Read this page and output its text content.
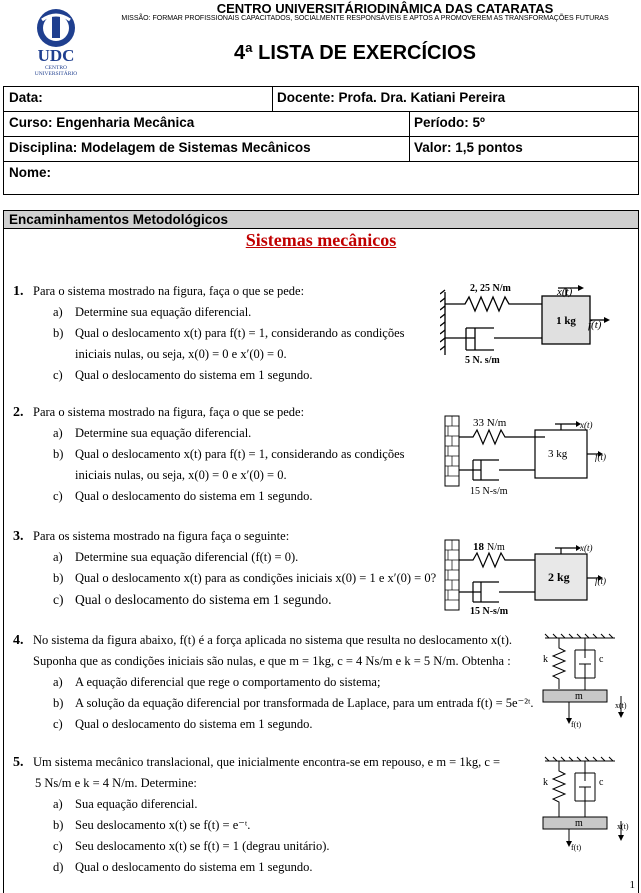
UDC
CENTRO
UNIVERSITÁRIO
CENTRO UNIVERSITÁRIODINÂMICA DAS CATARATAS
MISSÃO: FORMAR PROFISSIONAIS CAPACITADOS, SOCIALMENTE RESPONSÁVEIS E APTOS A PROMOVEREM AS TRANSFORMAÇÕES FUTURAS
4ª LISTA DE EXERCÍCIOS
Data:	Docente: Profa. Dra. Katiani Pereira
Curso: Engenharia Mecânica	Período: 5º
Disciplina: Modelagem de Sistemas Mecânicos	Valor: 1,5 pontos
Nome:
Encaminhamentos Metodológicos
Sistemas mecânicos
1. Para o sistema mostrado na figura, faça o que se pede:
a) Determine sua equação diferencial.
b) Qual o deslocamento x(t) para f(t) = 1, considerando as condições
iniciais nulas, ou seja, x(0) = 0 e x′(0) = 0.
c) Qual o deslocamento do sistema em 1 segundo.
2, 25 N/m
1 kg
5 N. s/m
x(t)
f(t)
2. Para o sistema mostrado na figura, faça o que se pede:
a) Determine sua equação diferencial.
b) Qual o deslocamento x(t) para f(t) = 1, considerando as condições
iniciais nulas, ou seja, x(0) = 0 e x′(0) = 0.
c) Qual o deslocamento do sistema em 1 segundo.
33 N/m
3 kg
15 N-s/m
x(t)
f(t)
3. Para os sistema mostrado na figura faça o seguinte:
a) Determine sua equação diferencial (f(t) = 0).
b) Qual o deslocamento x(t) para as condições iniciais x(0) = 1 e x′(0) = 0?
c) Qual o deslocamento do sistema em 1 segundo.
18 N/m
2 kg
15 N-s/m
x(t)
f(t)
4. No sistema da figura abaixo, f(t) é a força aplicada no sistema que resulta no deslocamento x(t).
Suponha que as condições iniciais são nulas, e que m = 1kg, c = 4 Ns/m e k = 5 N/m. Obtenha :
a) A equação diferencial que rege o comportamento do sistema;
b) A solução da equação diferencial por transformada de Laplace, para um entrada f(t) = 5e⁻²ᵗ.
c) Qual o deslocamento do sistema em 1 segundo.
k	c
m
x(t)
f(t)
5. Um sistema mecânico translacional, que inicialmente encontra-se em repouso, e m = 1kg, c =
5 Ns/m e k = 4 N/m. Determine:
a) Sua equação diferencial.
b) Seu deslocamento x(t) se f(t) = e⁻ᵗ.
c) Seu deslocamento x(t) se f(t) = 1 (degrau unitário).
d) Qual o deslocamento do sistema em 1 segundo.
k	c
m	x(t)
f(t)
1
